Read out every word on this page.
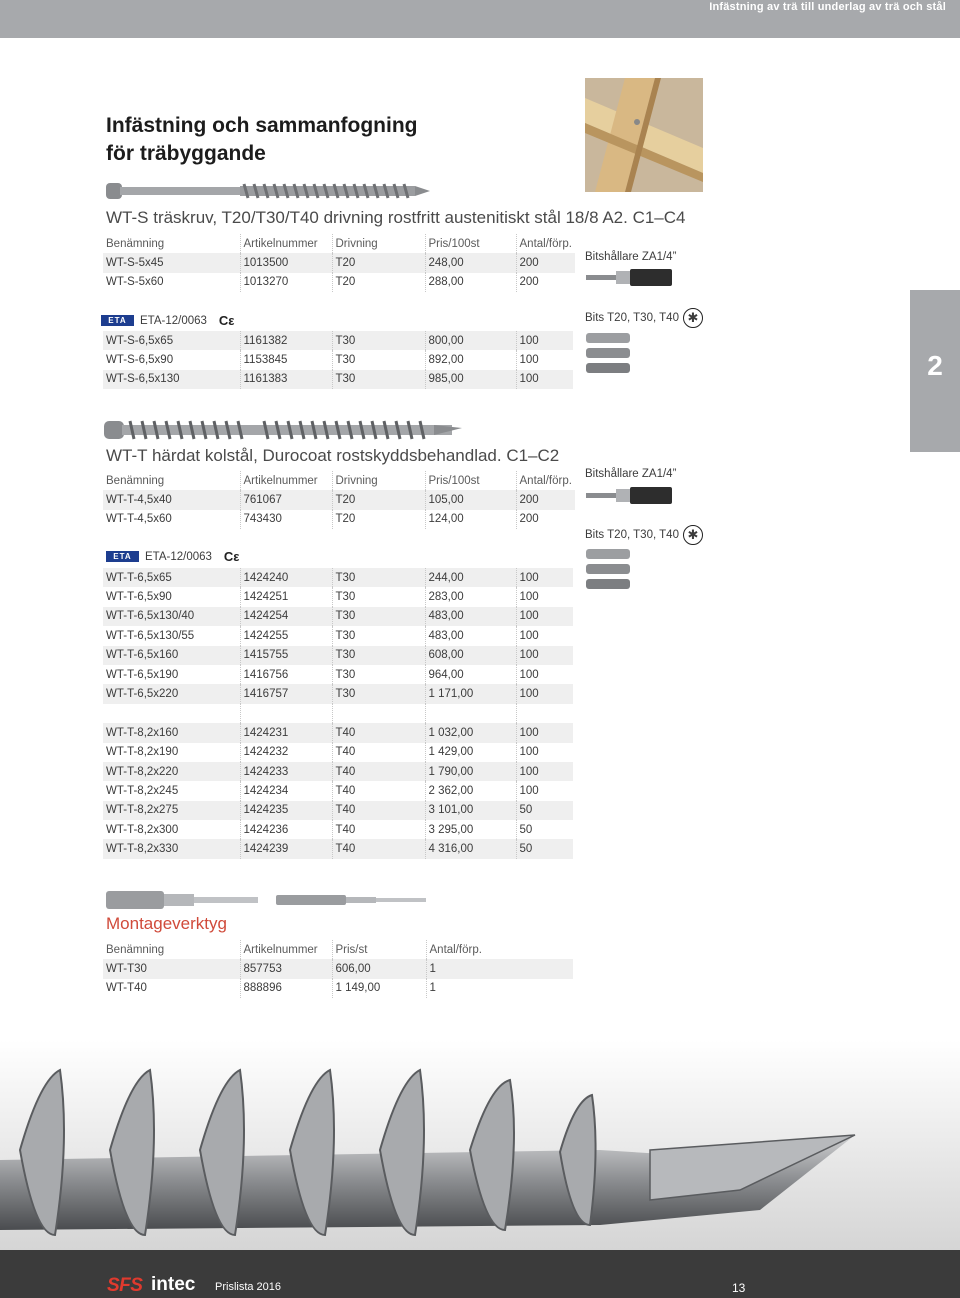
Infästning av trä till underlag av trä och stål
Infästning och sammanfogning
för träbyggande
WT-S träskruv, T20/T30/T40 drivning rostfritt austenitiskt stål 18/8 A2. C1–C4
Benämning	Artikelnummer	Drivning	Pris/100st	Antal/förp.
WT-S-5x45	1013500	T20	248,00	200
WT-S-5x60	1013270	T20	288,00	200
ETA	ETA-12/0063 Cε
WT-S-6,5x65	1161382	T30	800,00	100
WT-S-6,5x90	1153845	T30	892,00	100
WT-S-6,5x130	1161383	T30	985,00	100
Bitshållare ZA1/4”
Bits T20, T30, T40 ✱
2
WT-T härdat kolstål, Durocoat rostskyddsbehandlad. C1–C2
Benämning	Artikelnummer	Drivning	Pris/100st	Antal/förp.
WT-T-4,5x40	761067	T20	105,00	200
WT-T-4,5x60	743430	T20	124,00	200
ETA	ETA-12/0063 Cε
WT-T-6,5x65	1424240	T30	244,00	100
WT-T-6,5x90	1424251	T30	283,00	100
WT-T-6,5x130/40	1424254	T30	483,00	100
WT-T-6,5x130/55	1424255	T30	483,00	100
WT-T-6,5x160	1415755	T30	608,00	100
WT-T-6,5x190	1416756	T30	964,00	100
WT-T-6,5x220	1416757	T30	1 171,00	100

WT-T-8,2x160	1424231	T40	1 032,00	100
WT-T-8,2x190	1424232	T40	1 429,00	100
WT-T-8,2x220	1424233	T40	1 790,00	100
WT-T-8,2x245	1424234	T40	2 362,00	100
WT-T-8,2x275	1424235	T40	3 101,00	50
WT-T-8,2x300	1424236	T40	3 295,00	50
WT-T-8,2x330	1424239	T40	4 316,00	50
Bitshållare ZA1/4”
Bits T20, T30, T40 ✱
Montageverktyg
Benämning	Artikelnummer	Pris/st	Antal/förp.
WT-T30	857753	606,00	1
WT-T40	888896	1 149,00	1
SFS intec Prislista 2016	13
